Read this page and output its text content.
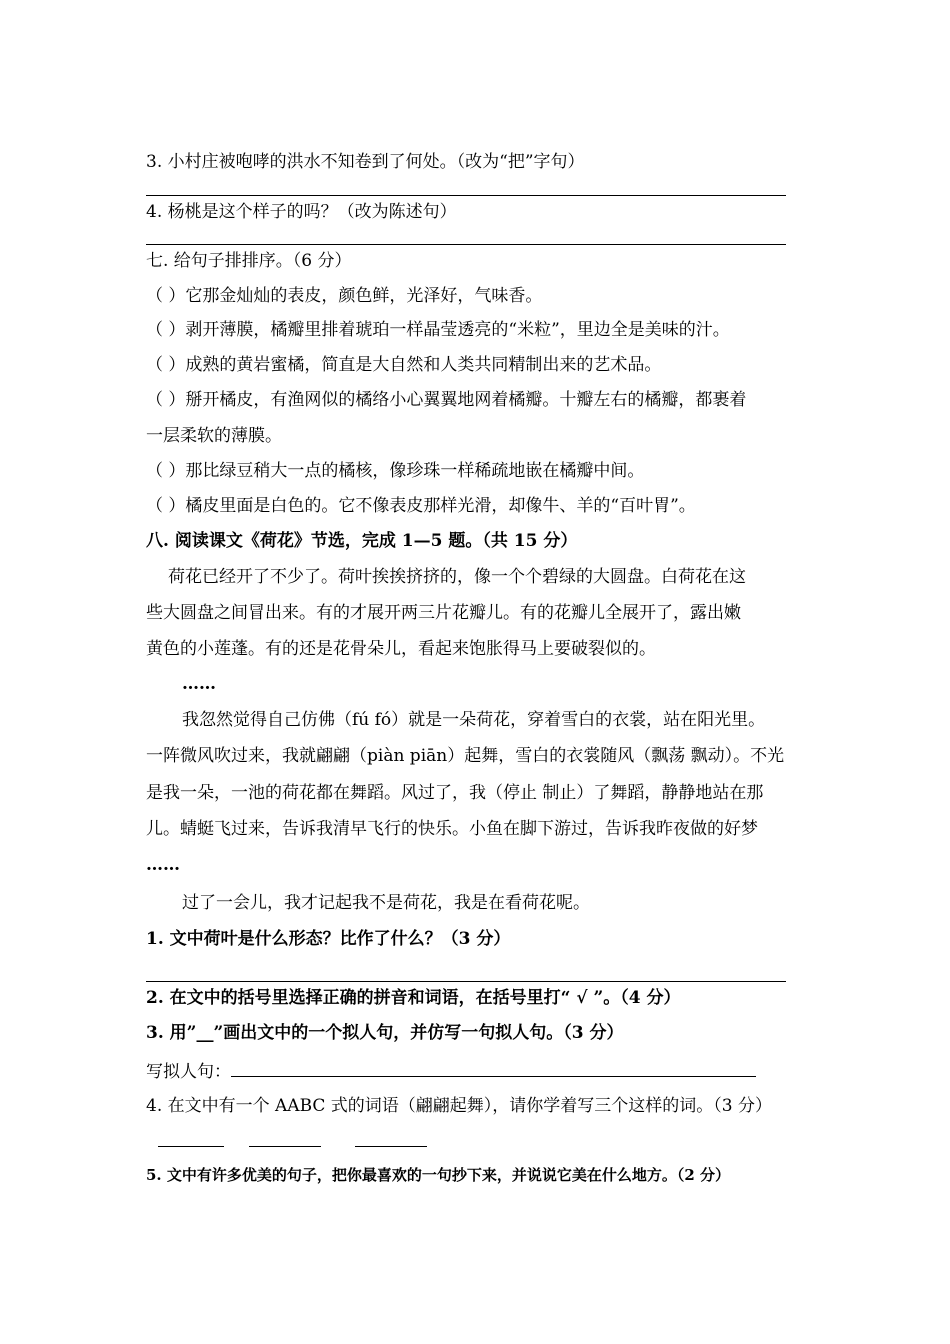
3. 小村庄被咆哮的洪水不知卷到了何处。（改为“把”字句）
4. 杨桃是这个样子的吗？（改为陈述句）
七. 给句子排排序。（6 分）
（ ）它那金灿灿的表皮，颜色鲜，光泽好，气味香。
（ ）剥开薄膜，橘瓣里排着琥珀一样晶莹透亮的“米粒”，里边全是美味的汁。
（ ）成熟的黄岩蜜橘，简直是大自然和人类共同精制出来的艺术品。
（ ）掰开橘皮，有渔网似的橘络小心翼翼地网着橘瓣。十瓣左右的橘瓣，都裹着
一层柔软的薄膜。
（ ）那比绿豆稍大一点的橘核，像珍珠一样稀疏地嵌在橘瓣中间。
（ ）橘皮里面是白色的。它不像表皮那样光滑，却像牛、羊的“百叶胃”。
八. 阅读课文《荷花》节选，完成 1—5 题。（共 15 分）
荷花已经开了不少了。荷叶挨挨挤挤的，像一个个碧绿的大圆盘。白荷花在这
些大圆盘之间冒出来。有的才展开两三片花瓣儿。有的花瓣儿全展开了，露出嫩
黄色的小莲蓬。有的还是花骨朵儿，看起来饱胀得马上要破裂似的。
……
我忽然觉得自己仿佛（fú fó）就是一朵荷花，穿着雪白的衣裳，站在阳光里。
一阵微风吹过来，我就翩翩（piàn piān）起舞，雪白的衣裳随风（飘荡 飘动）。不光
是我一朵，一池的荷花都在舞蹈。风过了，我（停止 制止）了舞蹈，静静地站在那
儿。蜻蜓飞过来，告诉我清早飞行的快乐。小鱼在脚下游过，告诉我昨夜做的好梦
……
过了一会儿，我才记起我不是荷花，我是在看荷花呢。
1. 文中荷叶是什么形态？比作了什么？（3 分）
2. 在文中的括号里选择正确的拼音和词语，在括号里打“ √ ”。（4 分）
3. 用”__”画出文中的一个拟人句，并仿写一句拟人句。（3 分）
写拟人句：
4. 在文中有一个 AABC 式的词语（翩翩起舞），请你学着写三个这样的词。（3 分）
5. 文中有许多优美的句子，把你最喜欢的一句抄下来，并说说它美在什么地方。（2 分）
